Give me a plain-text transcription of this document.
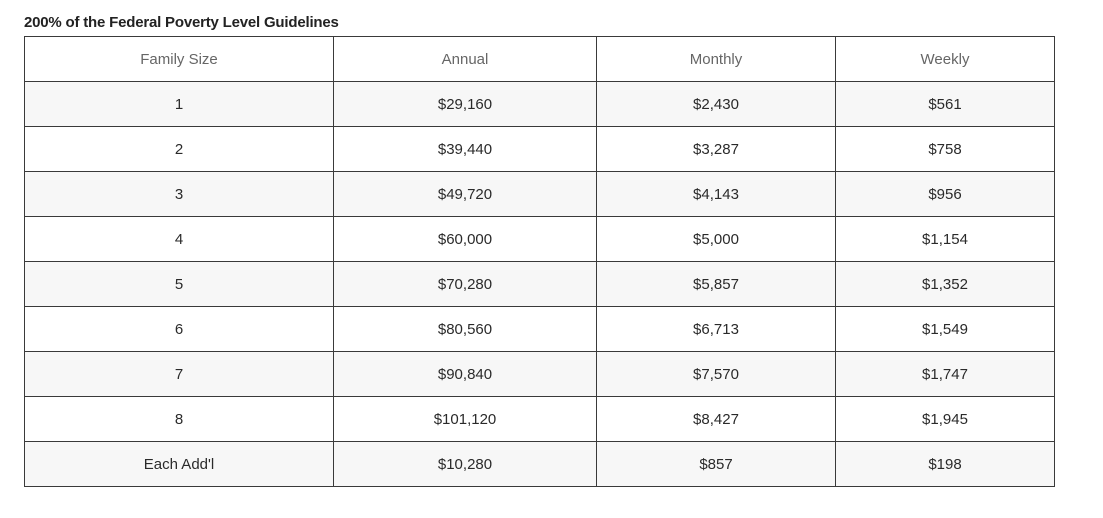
200% of the Federal Poverty Level Guidelines
Family Size	Annual	Monthly	Weekly
1	$29,160	$2,430	$561
2	$39,440	$3,287	$758
3	$49,720	$4,143	$956
4	$60,000	$5,000	$1,154
5	$70,280	$5,857	$1,352
6	$80,560	$6,713	$1,549
7	$90,840	$7,570	$1,747
8	$101,120	$8,427	$1,945
Each Add'l	$10,280	$857	$198
